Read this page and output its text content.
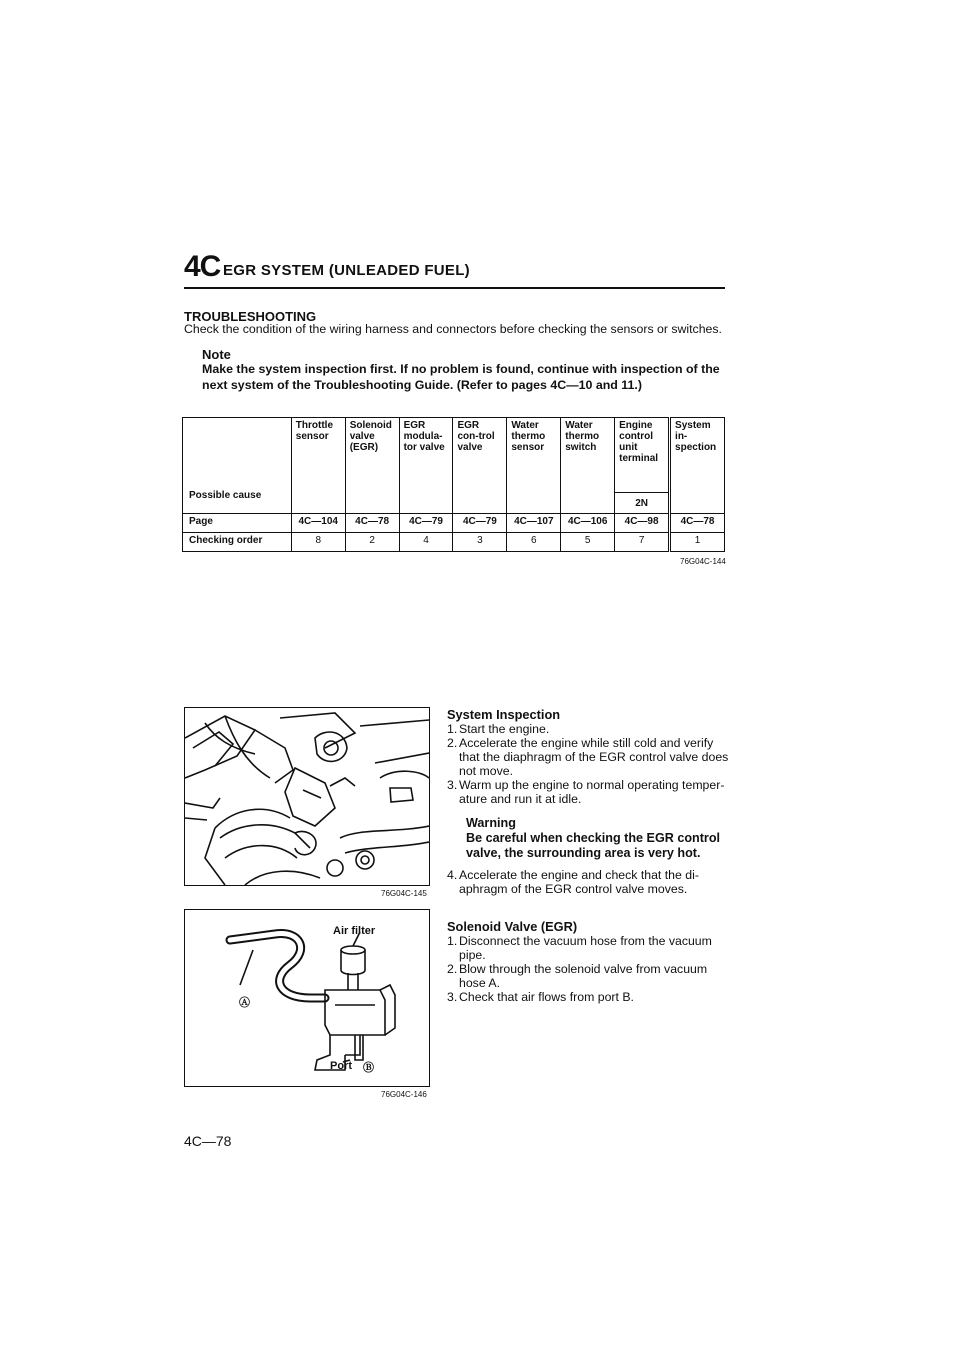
4C EGR SYSTEM (UNLEADED FUEL)
TROUBLESHOOTING
Check the condition of the wiring harness and connectors before checking the sensors or switches.
Note
Make the system inspection first. If no problem is found, continue with inspection of the next system of the Troubleshooting Guide. (Refer to pages 4C—10 and 11.)
Possible cause	Throttle sensor	Solenoid valve (EGR)	EGR modula-tor valve	EGR con-trol valve	Water thermo sensor	Water thermo switch	Engine control unit terminal	System in-spection
							2N	
Page	4C—104	4C—78	4C—79	4C—79	4C—107	4C—106	4C—98	4C—78
Checking order	8	2	4	3	6	5	7	1
76G04C-144
76G04C-145
Air filter
Ⓐ
Port Ⓑ
76G04C-146
System Inspection
1. Start the engine.
2. Accelerate the engine while still cold and verify that the diaphragm of the EGR control valve does not move.
3. Warm up the engine to normal operating temper-ature and run it at idle.
Warning
Be careful when checking the EGR control valve, the surrounding area is very hot.
4. Accelerate the engine and check that the di-aphragm of the EGR control valve moves.
Solenoid Valve (EGR)
1. Disconnect the vacuum hose from the vacuum pipe.
2. Blow through the solenoid valve from vacuum hose A.
3. Check that air flows from port B.
4C—78
